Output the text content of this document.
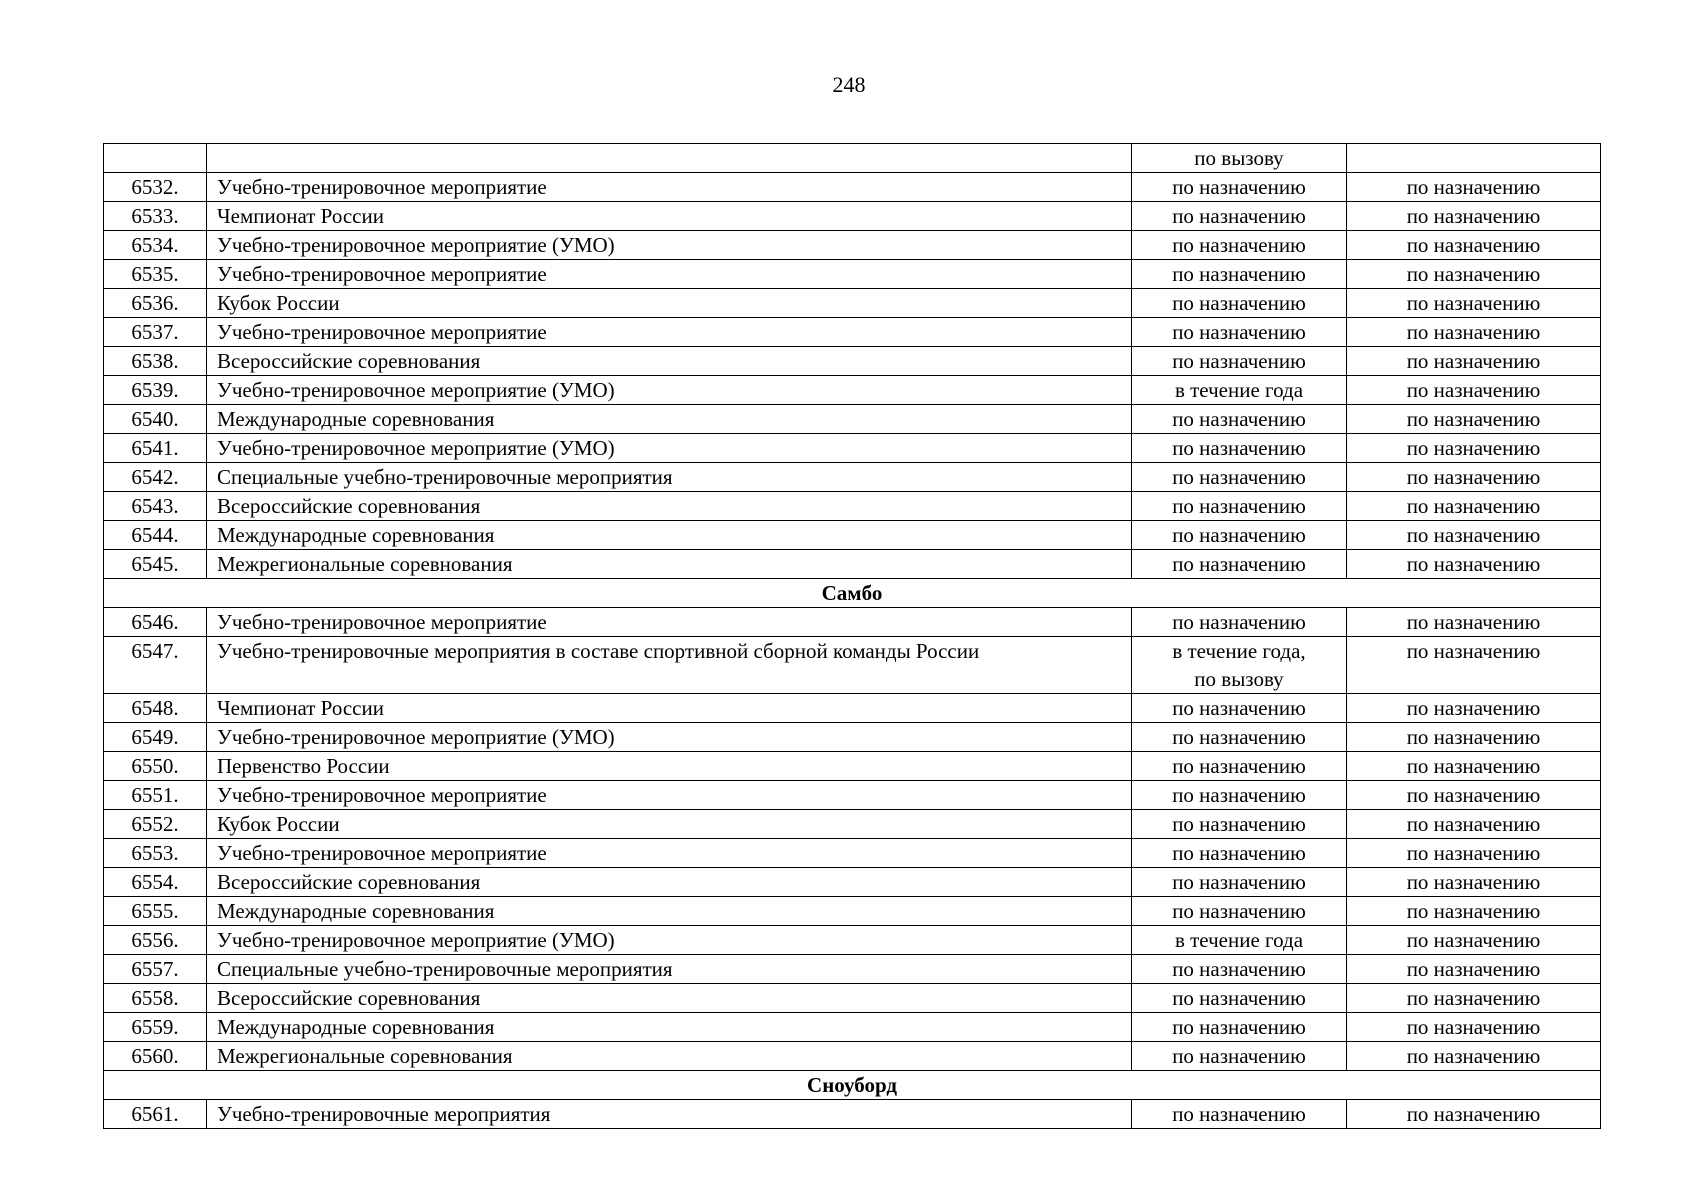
248

		по вызову	

6532.	Учебно-тренировочное мероприятие	по назначению	по назначению
6533.	Чемпионат России	по назначению	по назначению
6534.	Учебно-тренировочное мероприятие (УМО)	по назначению	по назначению
6535.	Учебно-тренировочное мероприятие	по назначению	по назначению
6536.	Кубок России	по назначению	по назначению
6537.	Учебно-тренировочное мероприятие	по назначению	по назначению
6538.	Всероссийские соревнования	по назначению	по назначению
6539.	Учебно-тренировочное мероприятие (УМО)	в течение года	по назначению
6540.	Международные соревнования	по назначению	по назначению
6541.	Учебно-тренировочное мероприятие (УМО)	по назначению	по назначению
6542.	Специальные учебно-тренировочные мероприятия	по назначению	по назначению
6543.	Всероссийские соревнования	по назначению	по назначению
6544.	Международные соревнования	по назначению	по назначению
6545.	Межрегиональные соревнования	по назначению	по назначению
Самбо			
6546.	Учебно-тренировочное мероприятие	по назначению	по назначению
6547.	Учебно-тренировочные мероприятия в составе спортивной сборной команды России	в течение года,
по вызову	по назначению
6548.	Чемпионат России	по назначению	по назначению
6549.	Учебно-тренировочное мероприятие (УМО)	по назначению	по назначению
6550.	Первенство России	по назначению	по назначению
6551.	Учебно-тренировочное мероприятие	по назначению	по назначению
6552.	Кубок России	по назначению	по назначению
6553.	Учебно-тренировочное мероприятие	по назначению	по назначению
6554.	Всероссийские соревнования	по назначению	по назначению
6555.	Международные соревнования	по назначению	по назначению
6556.	Учебно-тренировочное мероприятие (УМО)	в течение года	по назначению
6557.	Специальные учебно-тренировочные мероприятия	по назначению	по назначению
6558.	Всероссийские соревнования	по назначению	по назначению
6559.	Международные соревнования	по назначению	по назначению
6560.	Межрегиональные соревнования	по назначению	по назначению
Сноуборд			
6561.	Учебно-тренировочные мероприятия	по назначению	по назначению
